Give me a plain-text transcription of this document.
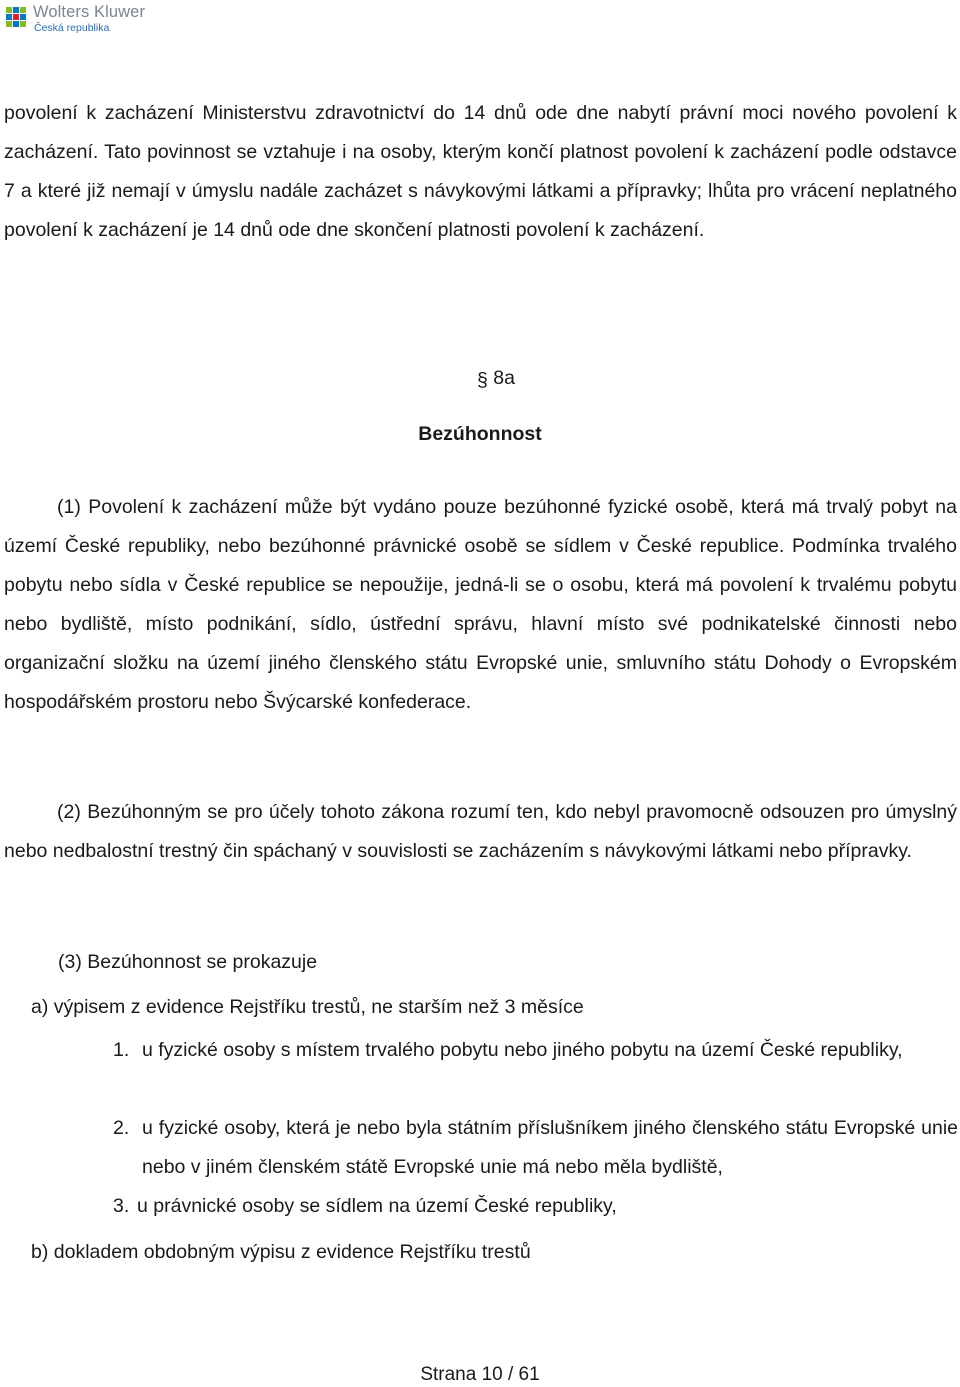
Wolters Kluwer
Česká republika

povolení k zacházení Ministerstvu zdravotnictví do 14 dnů ode dne nabytí právní moci nového povolení k zacházení. Tato povinnost se vztahuje i na osoby, kterým končí platnost povolení k zacházení podle odstavce 7 a které již nemají v úmyslu nadále zacházet s návykovými látkami a přípravky; lhůta pro vrácení neplatného povolení k zacházení je 14 dnů ode dne skončení platnosti povolení k zacházení.

§ 8a

Bezúhonnost

(1) Povolení k zacházení může být vydáno pouze bezúhonné fyzické osobě, která má trvalý pobyt na území České republiky, nebo bezúhonné právnické osobě se sídlem v České republice. Podmínka trvalého pobytu nebo sídla v České republice se nepoužije, jedná-li se o osobu, která má povolení k trvalému pobytu nebo bydliště, místo podnikání, sídlo, ústřední správu, hlavní místo své podnikatelské činnosti nebo organizační složku na území jiného členského státu Evropské unie, smluvního státu Dohody o Evropském hospodářském prostoru nebo Švýcarské konfederace.

(2) Bezúhonným se pro účely tohoto zákona rozumí ten, kdo nebyl pravomocně odsouzen pro úmyslný nebo nedbalostní trestný čin spáchaný v souvislosti se zacházením s návykovými látkami nebo přípravky.

(3) Bezúhonnost se prokazuje

a) výpisem z evidence Rejstříku trestů, ne starším než 3 měsíce

1. u fyzické osoby s místem trvalého pobytu nebo jiného pobytu na území České republiky,
2. u fyzické osoby, která je nebo byla státním příslušníkem jiného členského státu Evropské unie nebo v jiném členském státě Evropské unie má nebo měla bydliště,
3. u právnické osoby se sídlem na území České republiky,

b) dokladem obdobným výpisu z evidence Rejstříku trestů

Strana 10 / 61
